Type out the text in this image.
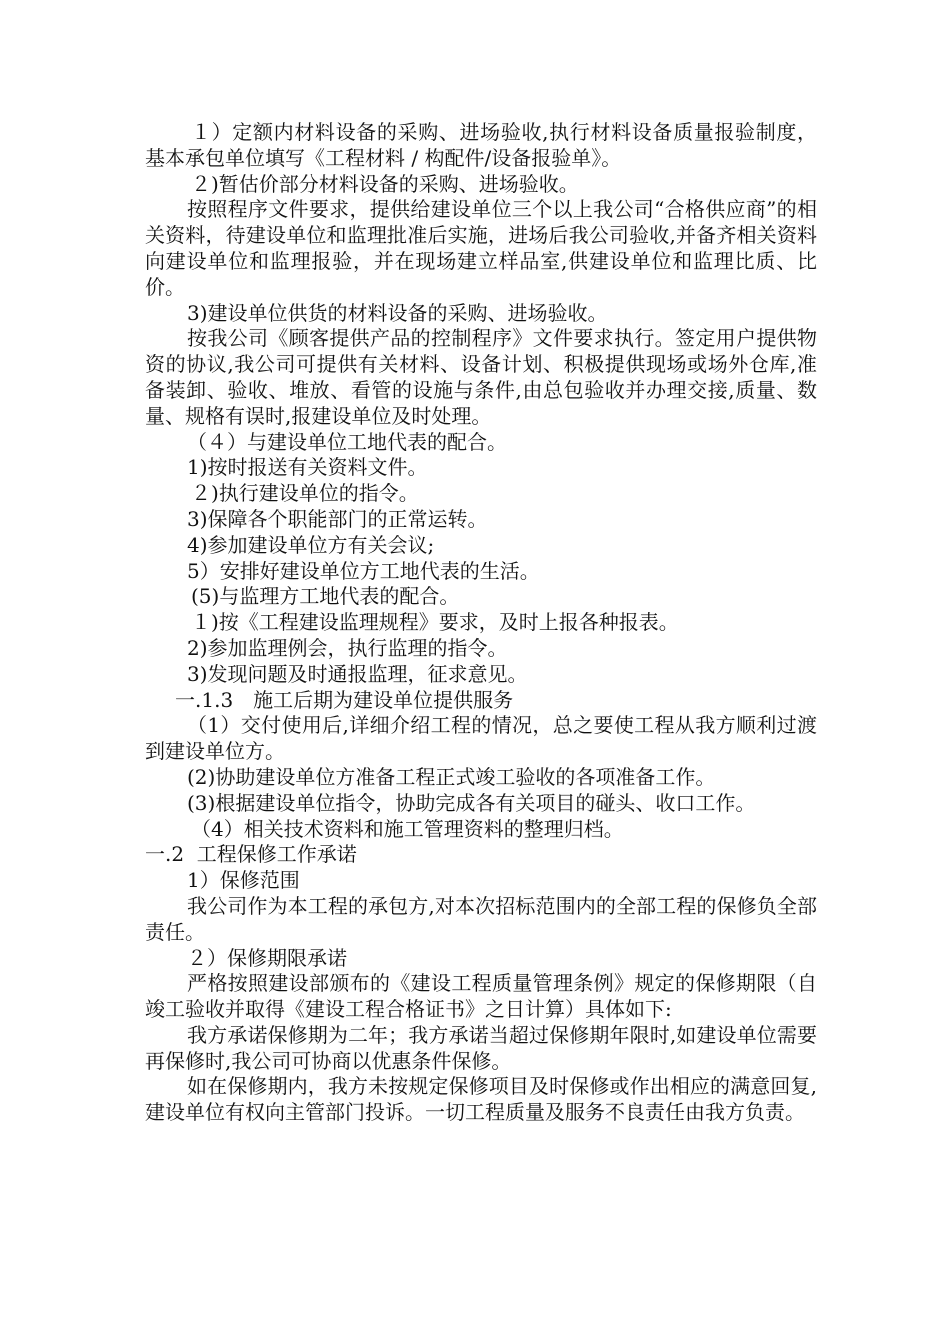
１）定额内材料设备的采购、进场验收,执行材料设备质量报验制度，基本承包单位填写《工程材料 / 构配件/设备报验单》。

２)暂估价部分材料设备的采购、进场验收。

按照程序文件要求，提供给建设单位三个以上我公司“合格供应商”的相关资料，待建设单位和监理批准后实施，进场后我公司验收,并备齐相关资料向建设单位和监理报验，并在现场建立样品室,供建设单位和监理比质、比价。

3)建设单位供货的材料设备的采购、进场验收。

按我公司《顾客提供产品的控制程序》文件要求执行。签定用户提供物资的协议,我公司可提供有关材料、设备计划、积极提供现场或场外仓库,准备装卸、验收、堆放、看管的设施与条件,由总包验收并办理交接,质量、数量、规格有误时,报建设单位及时处理。

（４）与建设单位工地代表的配合。

1)按时报送有关资料文件。

２)执行建设单位的指令。

3)保障各个职能部门的正常运转。

4)参加建设单位方有关会议;

5）安排好建设单位方工地代表的生活。

(5)与监理方工地代表的配合。

１)按《工程建设监理规程》要求，及时上报各种报表。

2)参加监理例会，执行监理的指令。

3)发现问题及时通报监理，征求意见。

一.1.3　施工后期为建设单位提供服务

（1）交付使用后,详细介绍工程的情况，总之要使工程从我方顺利过渡到建设单位方。

(2)协助建设单位方准备工程正式竣工验收的各项准备工作。

(3)根据建设单位指令，协助完成各有关项目的碰头、收口工作。

（4）相关技术资料和施工管理资料的整理归档。

一.2  工程保修工作承诺

1）保修范围

我公司作为本工程的承包方,对本次招标范围内的全部工程的保修负全部责任。

２）保修期限承诺

严格按照建设部颁布的《建设工程质量管理条例》规定的保修期限（自竣工验收并取得《建设工程合格证书》之日计算）具体如下:

我方承诺保修期为二年；我方承诺当超过保修期年限时,如建设单位需要再保修时,我公司可协商以优惠条件保修。

如在保修期内，我方未按规定保修项目及时保修或作出相应的满意回复,建设单位有权向主管部门投诉。一切工程质量及服务不良责任由我方负责。
